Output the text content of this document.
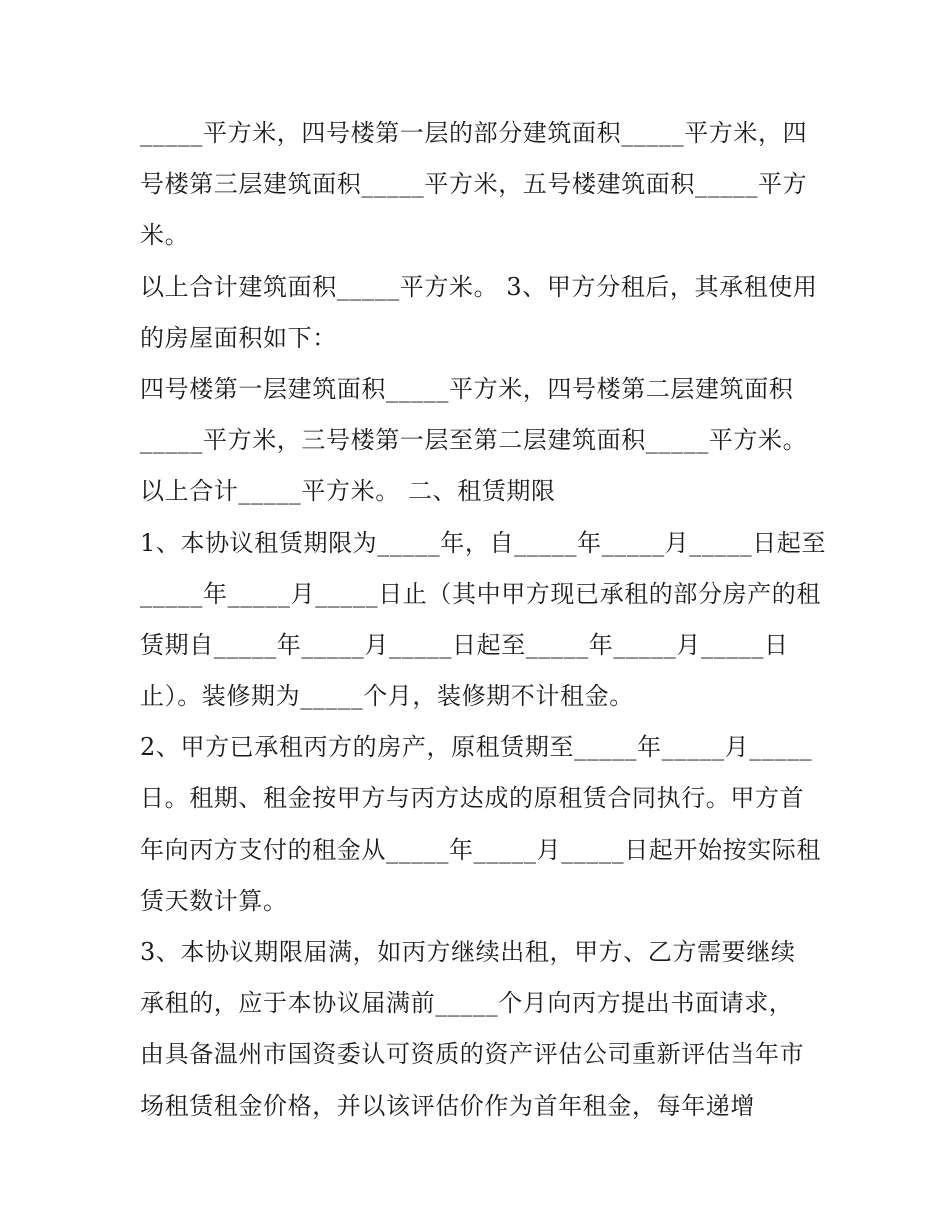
_____平方米，四号楼第一层的部分建筑面积_____平方米，四
号楼第三层建筑面积_____平方米，五号楼建筑面积_____平方
米。
以上合计建筑面积_____平方米。 3、甲方分租后，其承租使用
的房屋面积如下：
四号楼第一层建筑面积_____平方米，四号楼第二层建筑面积
_____平方米，三号楼第一层至第二层建筑面积_____平方米。
以上合计_____平方米。 二、租赁期限
1、本协议租赁期限为_____年，自_____年_____月_____日起至
_____年_____月_____日止（其中甲方现已承租的部分房产的租
赁期自_____年_____月_____日起至_____年_____月_____日
止）。装修期为_____个月，装修期不计租金。
2、甲方已承租丙方的房产，原租赁期至_____年_____月_____
日。租期、租金按甲方与丙方达成的原租赁合同执行。甲方首
年向丙方支付的租金从_____年_____月_____日起开始按实际租
赁天数计算。
3、本协议期限届满，如丙方继续出租，甲方、乙方需要继续
承租的，应于本协议届满前_____个月向丙方提出书面请求，
由具备温州市国资委认可资质的资产评估公司重新评估当年市
场租赁租金价格，并以该评估价作为首年租金，每年递增
